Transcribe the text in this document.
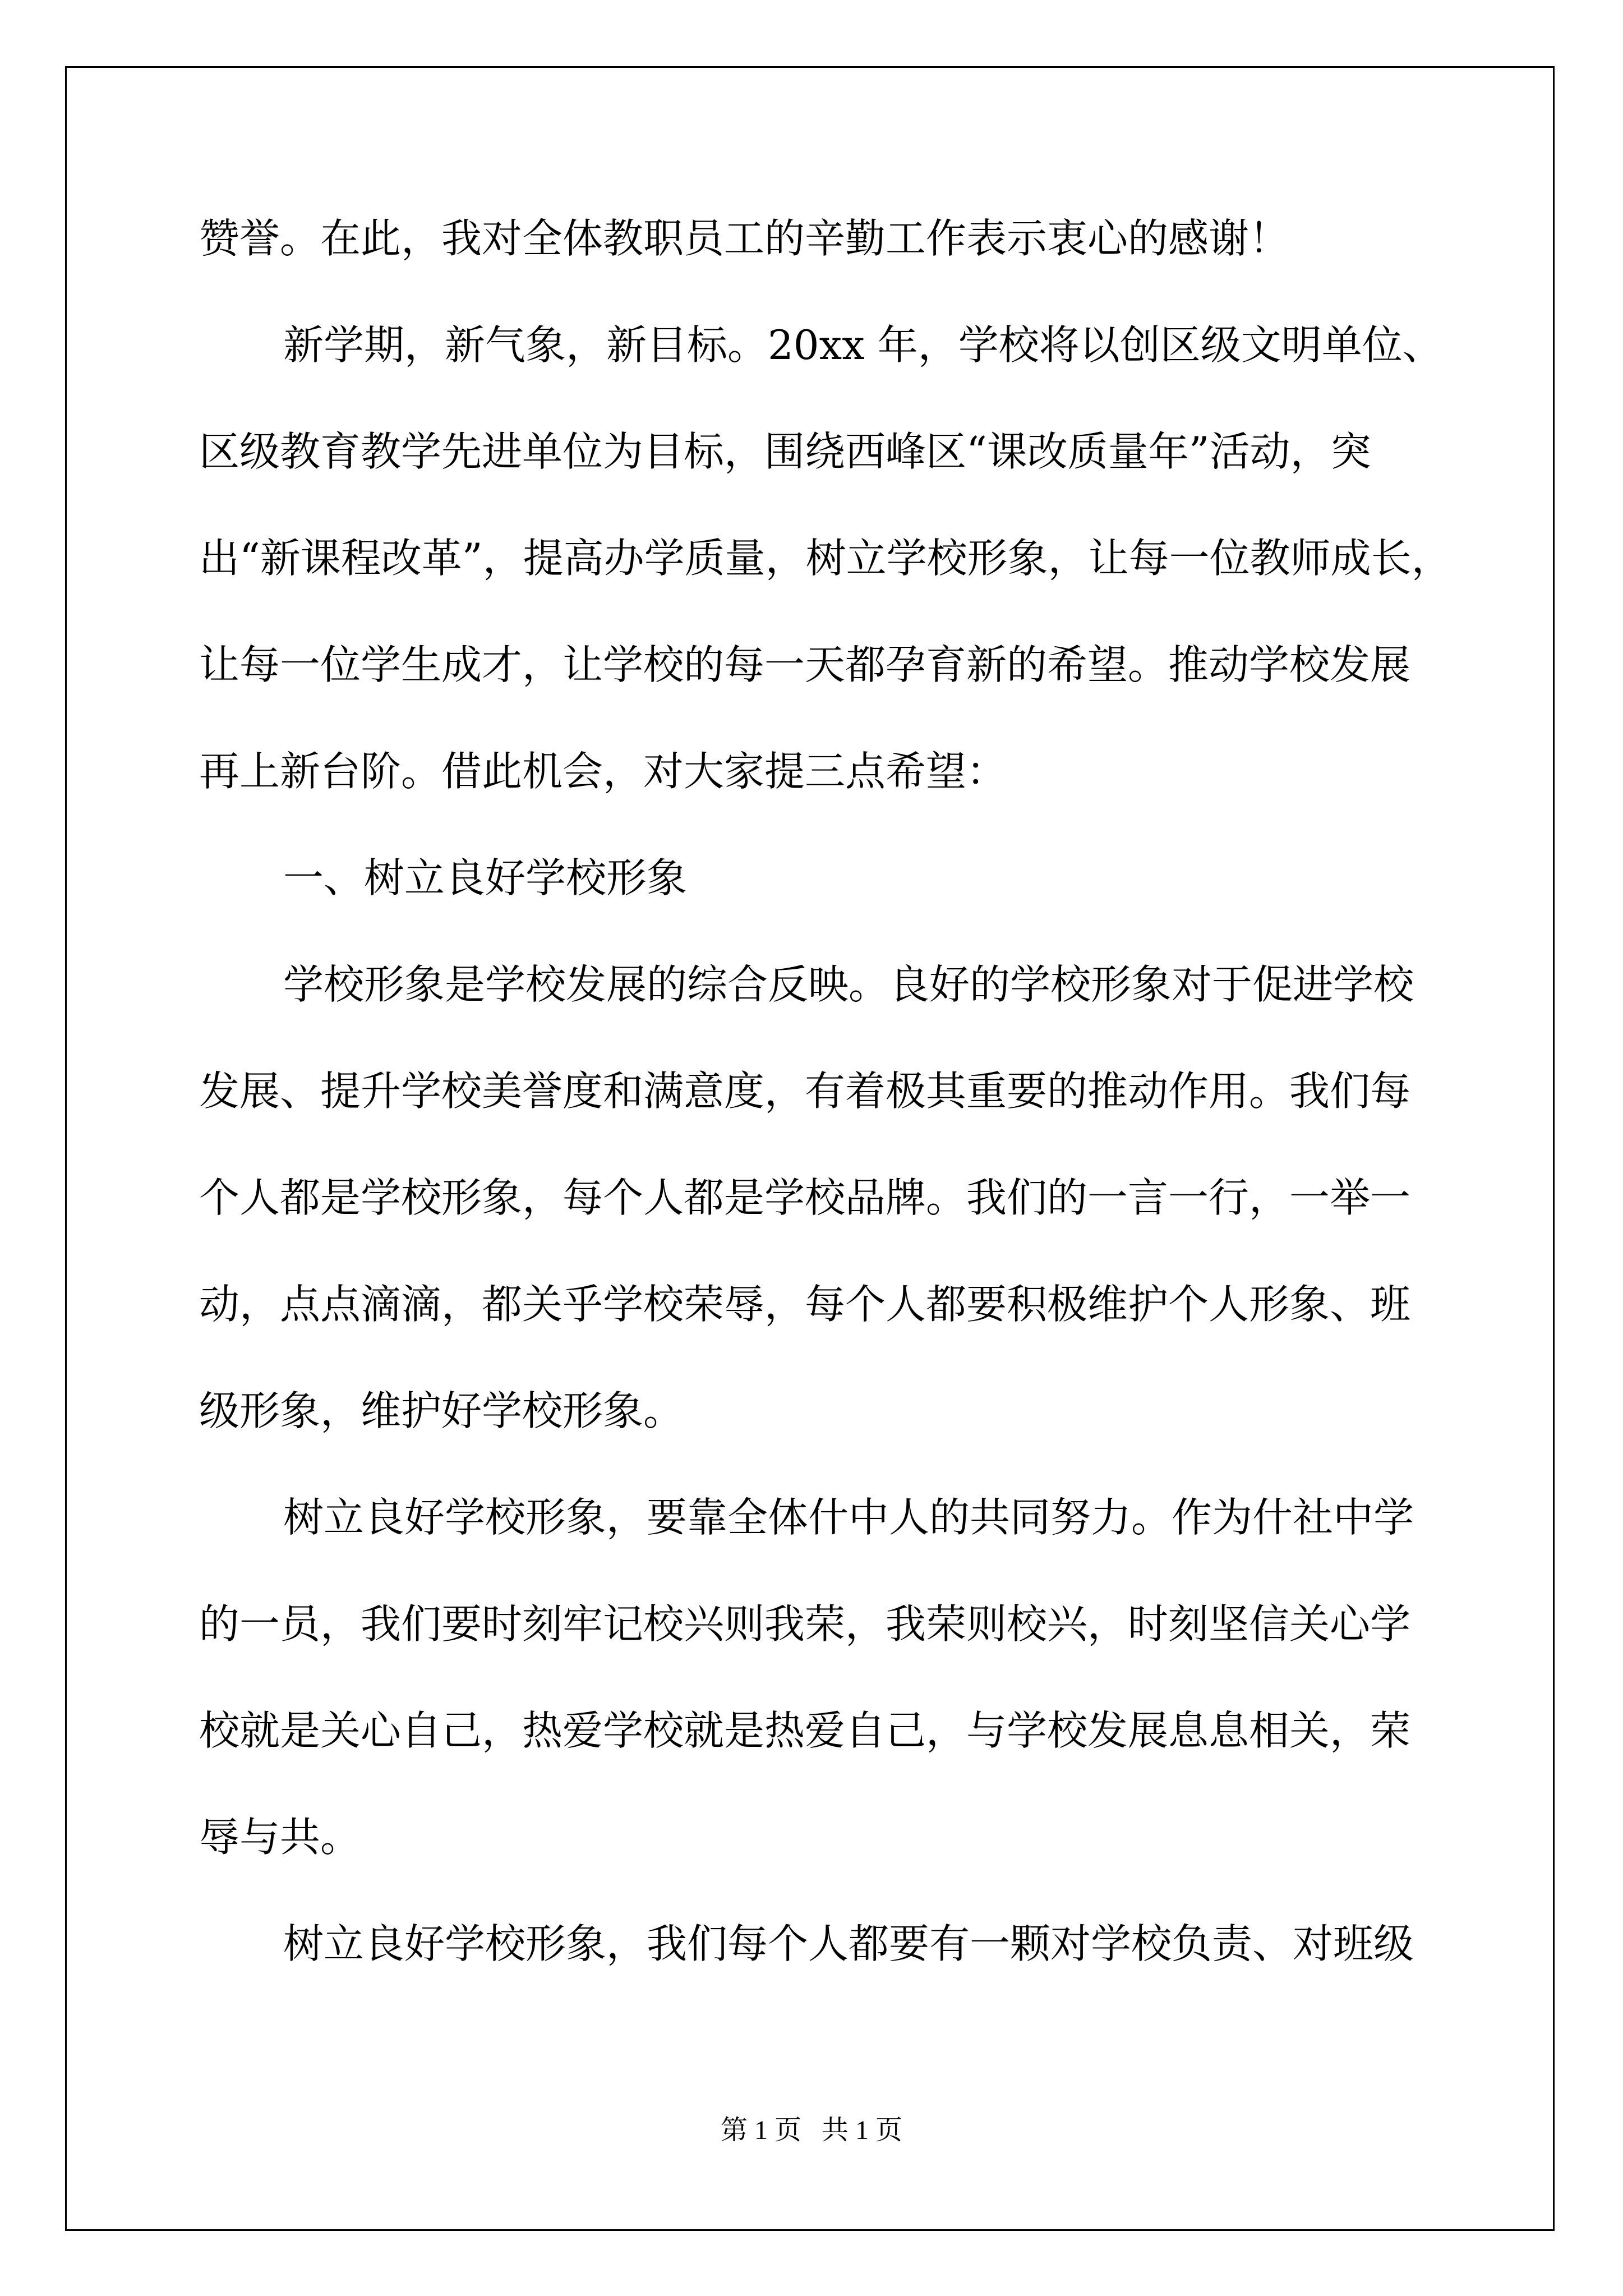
赞誉。在此，我对全体教职员工的辛勤工作表示衷心的感谢！
新学期，新气象，新目标。20xx 年，学校将以创区级文明单位、
区级教育教学先进单位为目标，围绕西峰区“课改质量年”活动，突
出“新课程改革”，提高办学质量，树立学校形象，让每一位教师成长，
让每一位学生成才，让学校的每一天都孕育新的希望。推动学校发展
再上新台阶。借此机会，对大家提三点希望：
一、树立良好学校形象
学校形象是学校发展的综合反映。良好的学校形象对于促进学校
发展、提升学校美誉度和满意度，有着极其重要的推动作用。我们每
个人都是学校形象，每个人都是学校品牌。我们的一言一行，一举一
动，点点滴滴，都关乎学校荣辱，每个人都要积极维护个人形象、班
级形象，维护好学校形象。
树立良好学校形象，要靠全体什中人的共同努力。作为什社中学
的一员，我们要时刻牢记校兴则我荣，我荣则校兴，时刻坚信关心学
校就是关心自己，热爱学校就是热爱自己，与学校发展息息相关，荣
辱与共。
树立良好学校形象，我们每个人都要有一颗对学校负责、对班级
第 1 页   共 1 页
